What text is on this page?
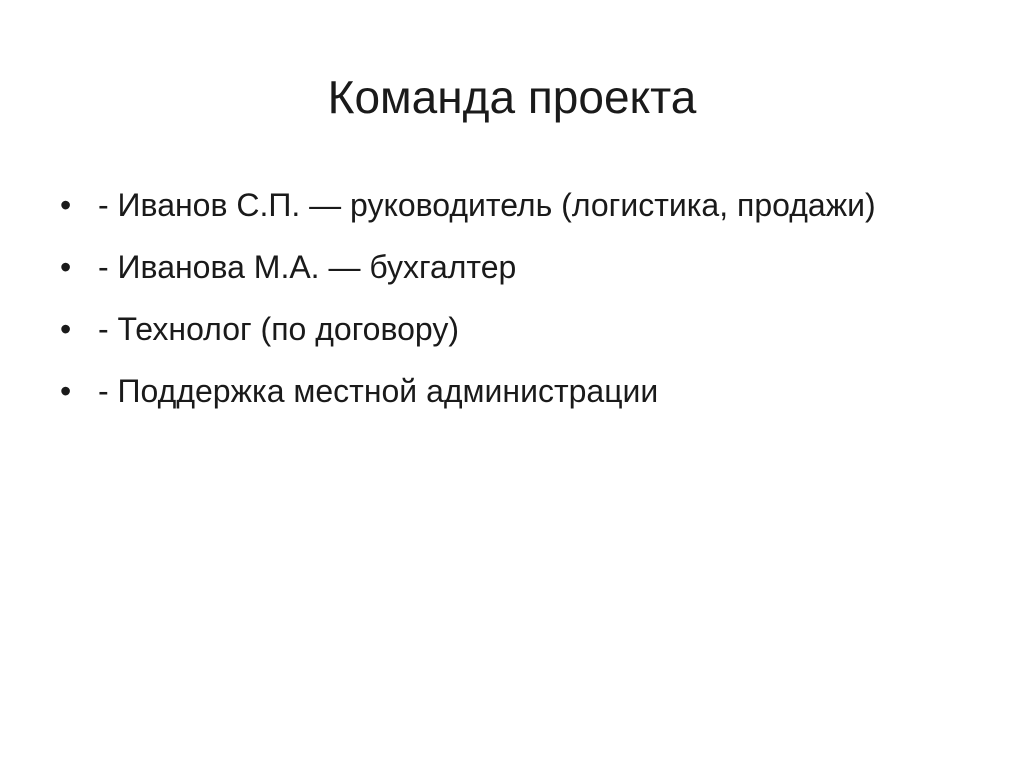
Команда проекта
• - Иванов С.П. — руководитель (логистика, продажи)
• - Иванова М.А. — бухгалтер
• - Технолог (по договору)
• - Поддержка местной администрации
